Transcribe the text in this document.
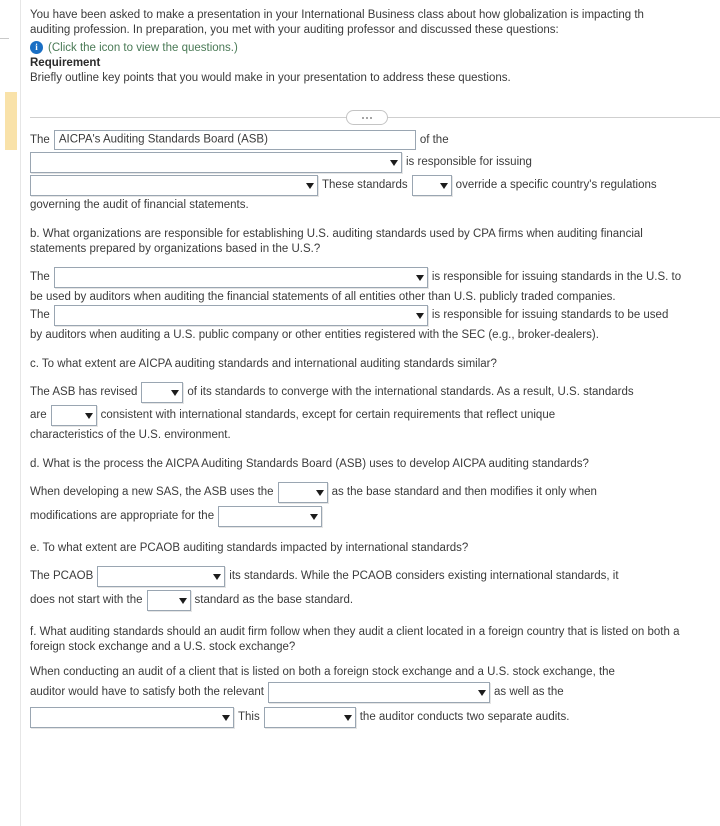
You have been asked to make a presentation in your International Business class about how globalization is impacting th

auditing profession. In preparation, you met with your auditing professor and discussed these questions:

i (Click the icon to view the questions.)

Requirement

Briefly outline key points that you would make in your presentation to address these questions.

The AICPA's Auditing Standards Board (ASB)	of the
is responsible for issuing
These standards	override a specific country's regulations
governing the audit of financial statements.
b. What organizations are responsible for establishing U.S. auditing standards used by CPA firms when auditing financial statements prepared by organizations based in the U.S.?
The	is responsible for issuing standards in the U.S. to
be used by auditors when auditing the financial statements of all entities other than U.S. publicly traded companies.
The	is responsible for issuing standards to be used
by auditors when auditing a U.S. public company or other entities registered with the SEC (e.g., broker-dealers).
c. To what extent are AICPA auditing standards and international auditing standards similar?
The ASB has revised	of its standards to converge with the international standards. As a result, U.S. standards
are	consistent with international standards, except for certain requirements that reflect unique
characteristics of the U.S. environment.
d. What is the process the AICPA Auditing Standards Board (ASB) uses to develop AICPA auditing standards?
When developing a new SAS, the ASB uses the	as the base standard and then modifies it only when
modifications are appropriate for the
e. To what extent are PCAOB auditing standards impacted by international standards?
The PCAOB	its standards. While the PCAOB considers existing international standards, it
does not start with the	standard as the base standard.
f. What auditing standards should an audit firm follow when they audit a client located in a foreign country that is listed on both a foreign stock exchange and a U.S. stock exchange?
When conducting an audit of a client that is listed on both a foreign stock exchange and a U.S. stock exchange, the
auditor would have to satisfy both the relevant	as well as the
This	the auditor conducts two separate audits.
